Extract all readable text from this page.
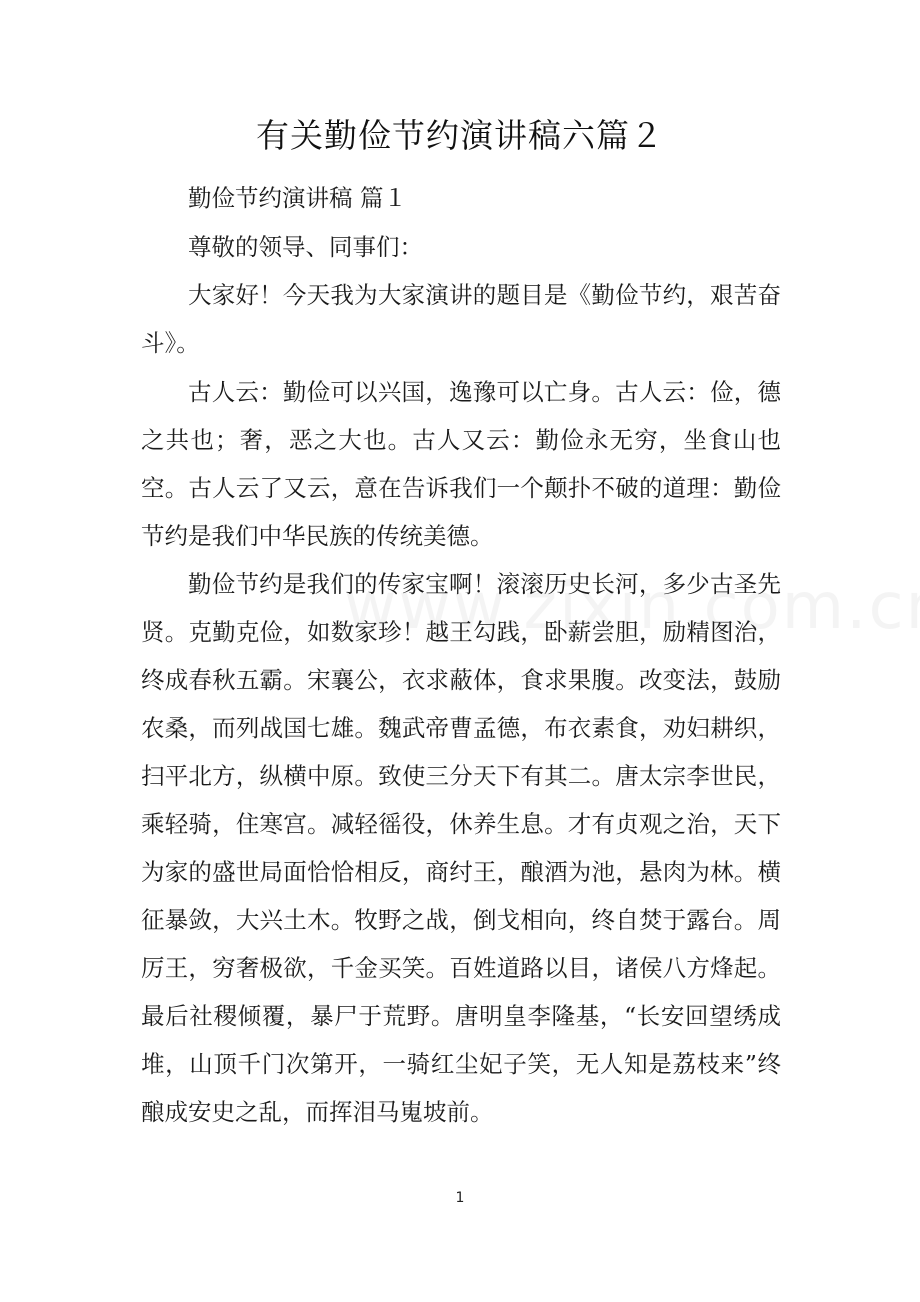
有关勤俭节约演讲稿六篇２

勤俭节约演讲稿 篇１

尊敬的领导、同事们：

大家好！今天我为大家演讲的题目是《勤俭节约，艰苦奋斗》。

古人云：勤俭可以兴国，逸豫可以亡身。古人云：俭，德之共也；奢，恶之大也。古人又云：勤俭永无穷，坐食山也空。古人云了又云，意在告诉我们一个颠扑不破的道理：勤俭节约是我们中华民族的传统美德。

勤俭节约是我们的传家宝啊！滚滚历史长河，多少古圣先贤。克勤克俭，如数家珍！越王勾践，卧薪尝胆，励精图治，终成春秋五霸。宋襄公，衣求蔽体，食求果腹。改变法，鼓励农桑，而列战国七雄。魏武帝曹孟德，布衣素食，劝妇耕织，扫平北方，纵横中原。致使三分天下有其二。唐太宗李世民，乘轻骑，住寒宫。减轻徭役，休养生息。才有贞观之治，天下为家的盛世局面恰恰相反，商纣王，酿酒为池，悬肉为林。横征暴敛，大兴土木。牧野之战，倒戈相向，终自焚于露台。周厉王，穷奢极欲，千金买笑。百姓道路以目，诸侯八方烽起。最后社稷倾覆，暴尸于荒野。唐明皇李隆基，“长安回望绣成堆，山顶千门次第开，一骑红尘妃子笑，无人知是荔枝来”终酿成安史之乱，而挥泪马嵬坡前。

1
